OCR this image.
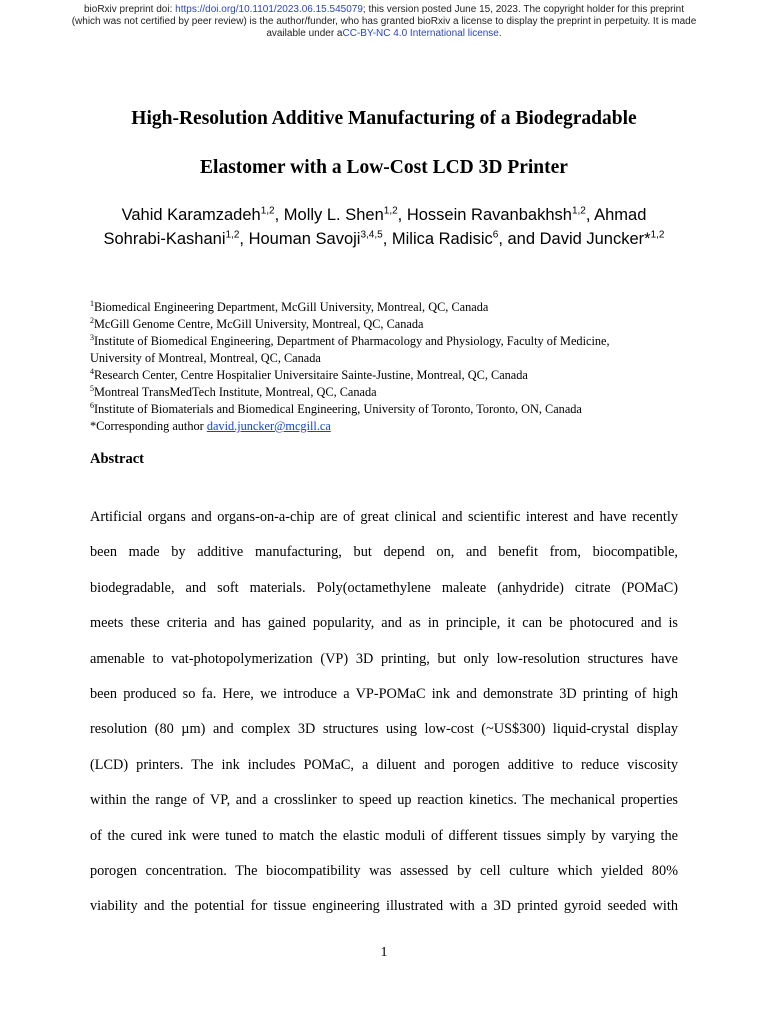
bioRxiv preprint doi: https://doi.org/10.1101/2023.06.15.545079; this version posted June 15, 2023. The copyright holder for this preprint
(which was not certified by peer review) is the author/funder, who has granted bioRxiv a license to display the preprint in perpetuity. It is made
available under aCC-BY-NC 4.0 International license.
High-Resolution Additive Manufacturing of a Biodegradable
Elastomer with a Low-Cost LCD 3D Printer
Vahid Karamzadeh$^{1,2}$, Molly L. Shen$^{1,2}$, Hossein Ravanbakhsh$^{1,2}$, Ahmad Sohrabi-Kashani$^{1,2}$, Houman Savoji$^{3,4,5}$, Milica Radisic$^6$, and David Juncker*$^{1,2}$
$^1$Biomedical Engineering Department, McGill University, Montreal, QC, Canada
$^2$McGill Genome Centre, McGill University, Montreal, QC, Canada
$^3$Institute of Biomedical Engineering, Department of Pharmacology and Physiology, Faculty of Medicine,
University of Montreal, Montreal, QC, Canada
$^4$Research Center, Centre Hospitalier Universitaire Sainte-Justine, Montreal, QC, Canada
$^5$Montreal TransMedTech Institute, Montreal, QC, Canada
$^6$Institute of Biomaterials and Biomedical Engineering, University of Toronto, Toronto, ON, Canada
*Corresponding author david.juncker@mcgill.ca
Abstract
Artificial organs and organs-on-a-chip are of great clinical and scientific interest and have recently
been made by additive manufacturing, but depend on, and benefit from, biocompatible,
biodegradable, and soft materials. Poly(octamethylene maleate (anhydride) citrate (POMaC)
meets these criteria and has gained popularity, and as in principle, it can be photocured and is
amenable to vat-photopolymerization (VP) 3D printing, but only low-resolution structures have
been produced so fa. Here, we introduce a VP-POMaC ink and demonstrate 3D printing of high
resolution (80 µm) and complex 3D structures using low-cost (~US$300) liquid-crystal display
(LCD) printers. The ink includes POMaC, a diluent and porogen additive to reduce viscosity
within the range of VP, and a crosslinker to speed up reaction kinetics. The mechanical properties
of the cured ink were tuned to match the elastic moduli of different tissues simply by varying the
porogen concentration. The biocompatibility was assessed by cell culture which yielded 80%
viability and the potential for tissue engineering illustrated with a 3D printed gyroid seeded with
1
